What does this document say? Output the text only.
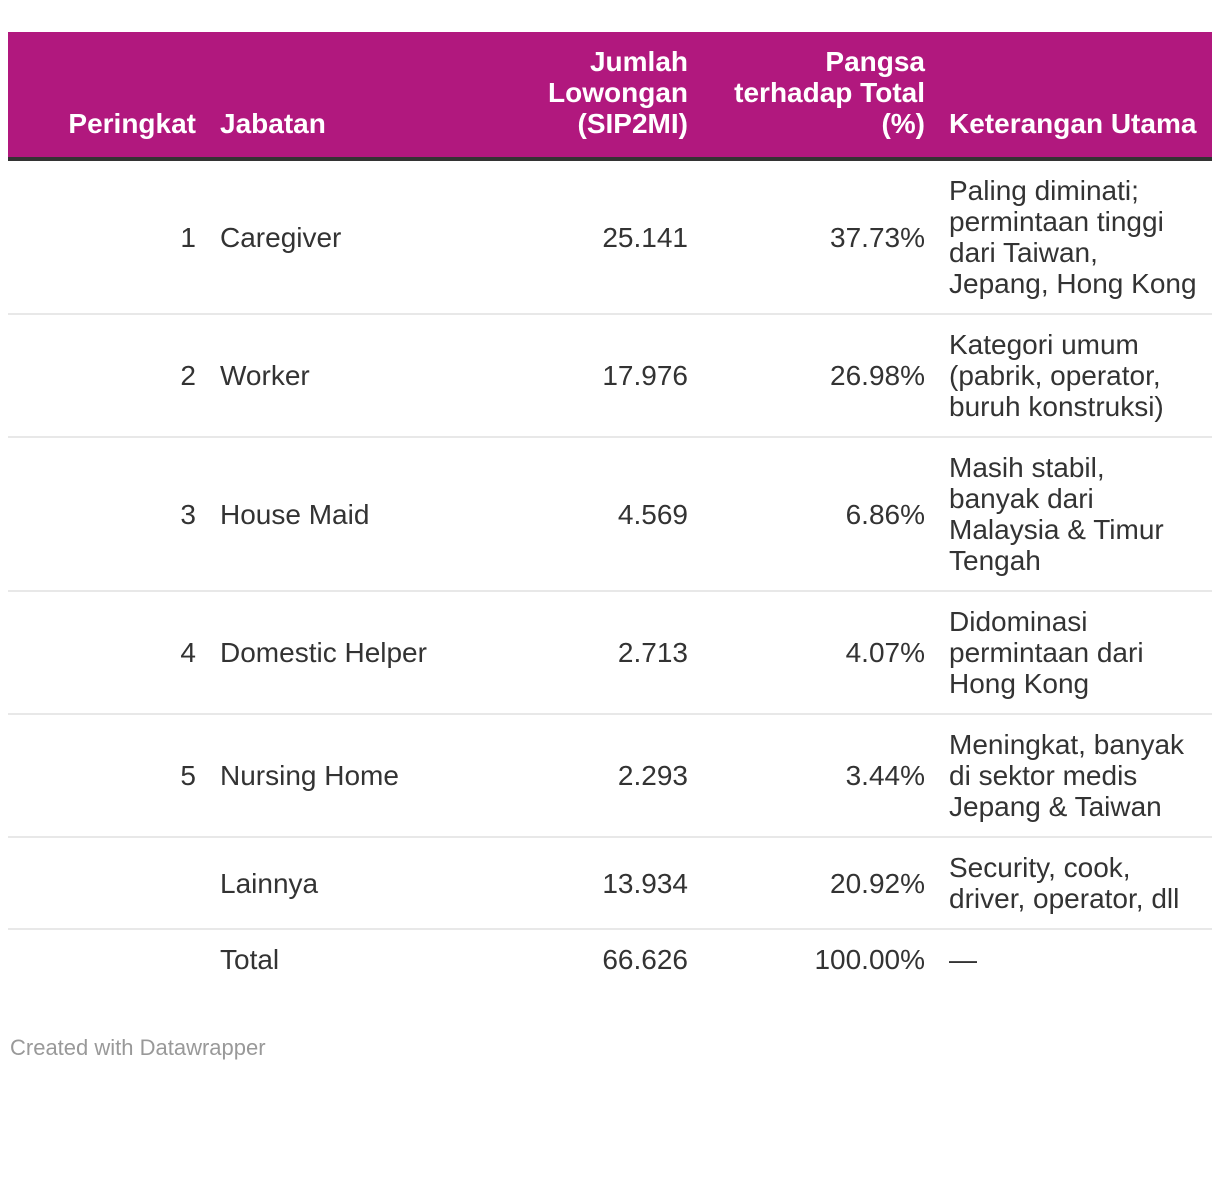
Peringkat	Jabatan	Jumlah Lowongan (SIP2MI)	Pangsa terhadap Total (%)	Keterangan Utama
1	Caregiver	25.141	37.73%	Paling diminati; permintaan tinggi dari Taiwan, Jepang, Hong Kong
2	Worker	17.976	26.98%	Kategori umum (pabrik, operator, buruh konstruksi)
3	House Maid	4.569	6.86%	Masih stabil, banyak dari Malaysia & Timur Tengah
4	Domestic Helper	2.713	4.07%	Didominasi permintaan dari Hong Kong
5	Nursing Home	2.293	3.44%	Meningkat, banyak di sektor medis Jepang & Taiwan
	Lainnya	13.934	20.92%	Security, cook, driver, operator, dll
	Total	66.626	100.00%	—
Created with Datawrapper
